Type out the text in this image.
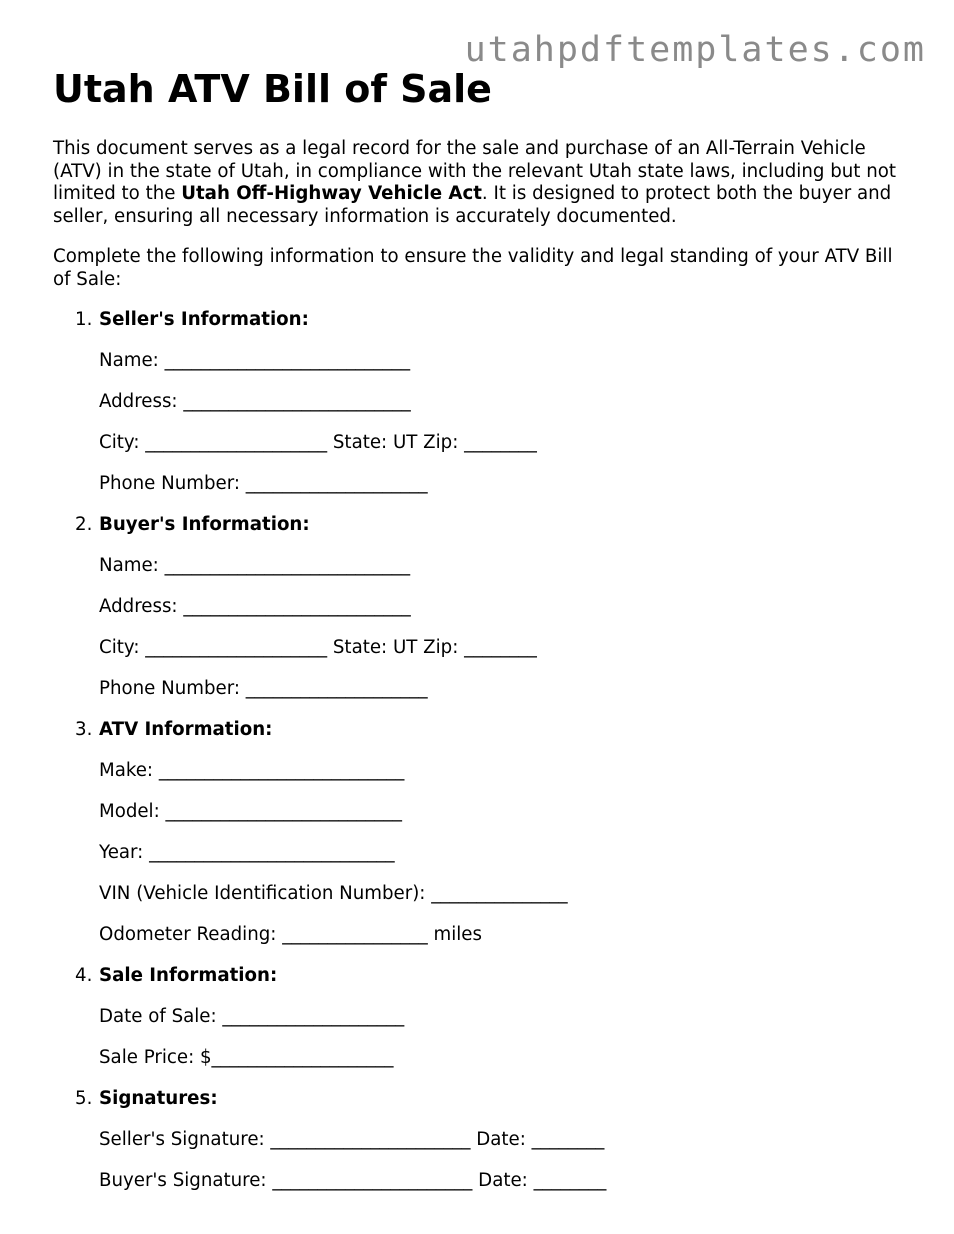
utahpdftemplates.com
Utah ATV Bill of Sale

This document serves as a legal record for the sale and purchase of an All-Terrain Vehicle (ATV) in the state of Utah, in compliance with the relevant Utah state laws, including but not limited to the Utah Off-Highway Vehicle Act. It is designed to protect both the buyer and seller, ensuring all necessary information is accurately documented.

Complete the following information to ensure the validity and legal standing of your ATV Bill of Sale:

1. Seller's Information:
Name: ___________________________
Address: _________________________
City: ____________________ State: UT Zip: ________
Phone Number: ____________________
2. Buyer's Information:
Name: ___________________________
Address: _________________________
City: ____________________ State: UT Zip: ________
Phone Number: ____________________
3. ATV Information:
Make: ___________________________
Model: __________________________
Year: ___________________________
VIN (Vehicle Identification Number): _______________
Odometer Reading: ________________ miles
4. Sale Information:
Date of Sale: ____________________
Sale Price: $____________________
5. Signatures:
Seller's Signature: ______________________ Date: ________
Buyer's Signature: ______________________ Date: ________
